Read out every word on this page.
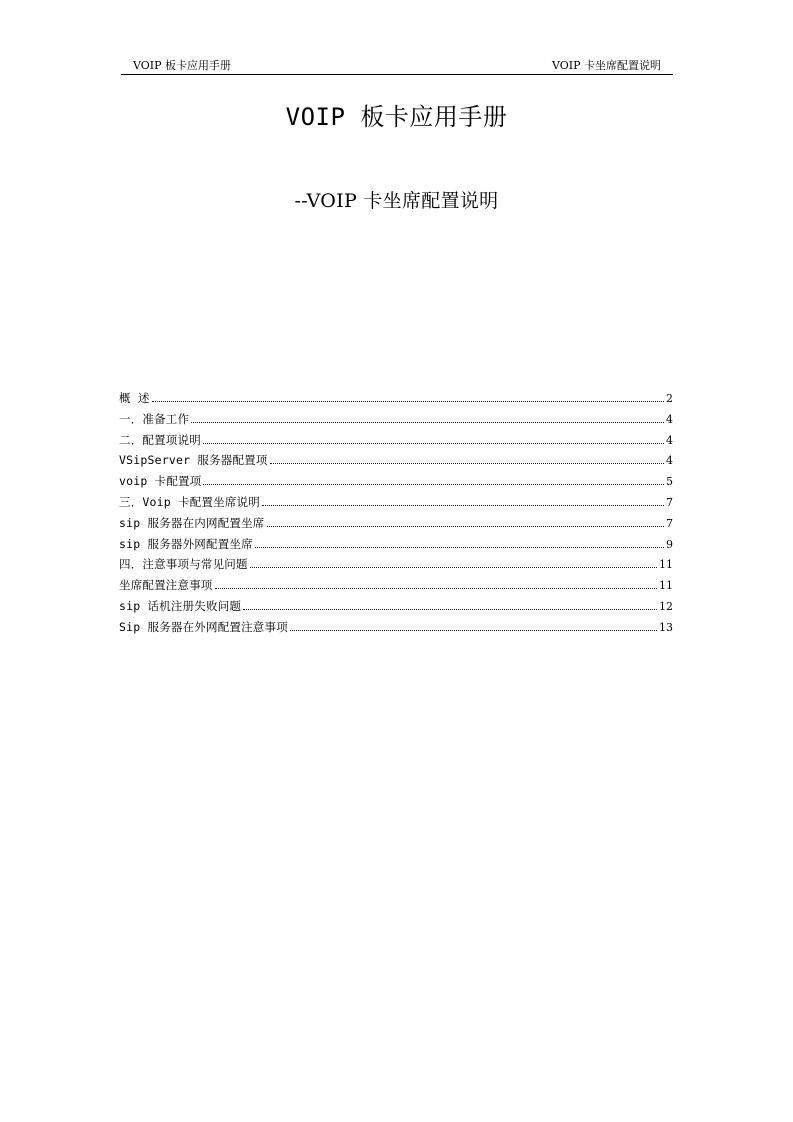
VOIP 板卡应用手册	VOIP 卡坐席配置说明
VOIP 板卡应用手册
--VOIP 卡坐席配置说明
概 述	2
一．准备工作	4
二．配置项说明	4
VSipServer 服务器配置项	4
voip 卡配置项	5
三．Voip 卡配置坐席说明	7
sip 服务器在内网配置坐席	7
sip 服务器外网配置坐席	9
四．注意事项与常见问题	11
坐席配置注意事项	11
sip 话机注册失败问题	12
Sip 服务器在外网配置注意事项	13
